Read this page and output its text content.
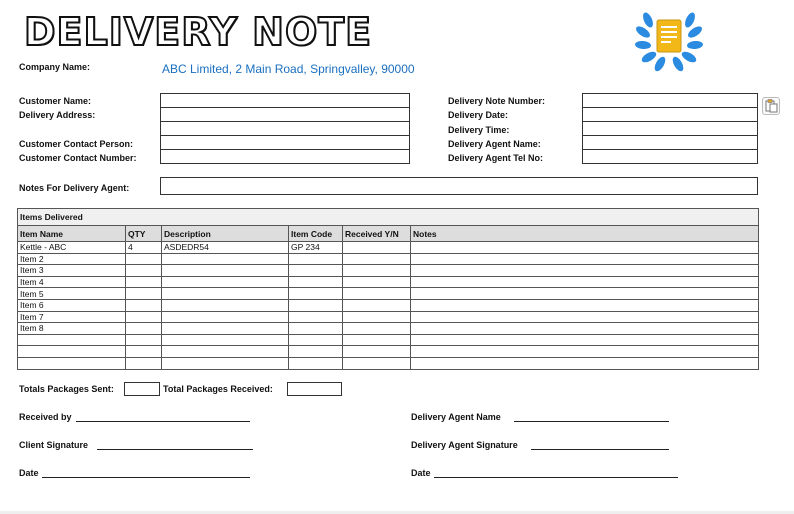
DELIVERY NOTE
Company Name:	ABC Limited, 2 Main Road, Springvalley, 90000
Customer Name:
Delivery Address:
Customer Contact Person:
Customer Contact Number:
Delivery Note Number:
Delivery Date:
Delivery Time:
Delivery Agent Name:
Delivery Agent Tel No:
Notes For Delivery Agent:
Items Delivered					
Item Name	QTY	Description	Item Code	Received Y/N	Notes
Kettle - ABC	4	ASDEDR54	GP 234		
Item 2					
Item 3					
Item 4					
Item 5					
Item 6					
Item 7					
Item 8					

Totals Packages Sent:	Total Packages Received:
Received by
Client Signature
Date
Delivery Agent Name
Delivery Agent Signature
Date
